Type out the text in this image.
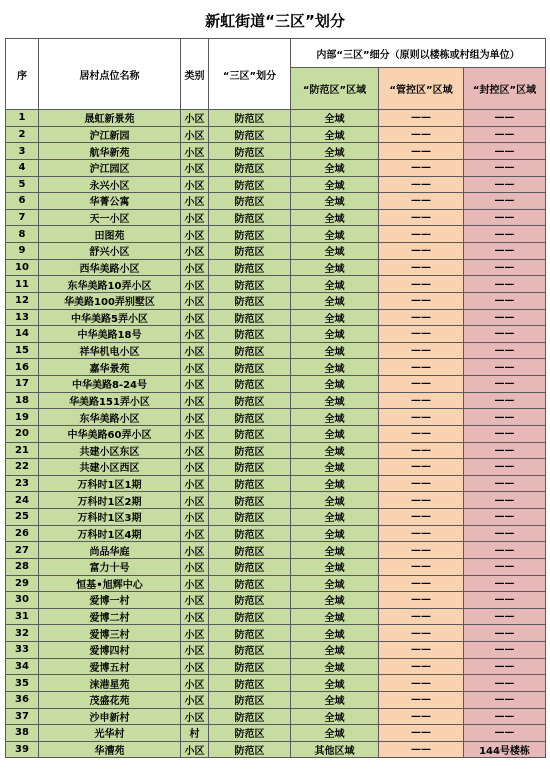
新虹街道“三区”划分
序	居村点位名称	类别	“三区”划分	内部“三区”细分（原则以楼栋或村组为单位）		
				“防范区”区域	“管控区”区域	“封控区”区域
1	晟虹新景苑	小区	防范区	全域	——	——
2	沪江新园	小区	防范区	全域	——	——
3	航华新苑	小区	防范区	全域	——	——
4	沪江园区	小区	防范区	全域	——	——
5	永兴小区	小区	防范区	全域	——	——
6	华菁公寓	小区	防范区	全域	——	——
7	天一小区	小区	防范区	全域	——	——
8	田图苑	小区	防范区	全域	——	——
9	舒兴小区	小区	防范区	全域	——	——
10	西华美路小区	小区	防范区	全域	——	——
11	东华美路10弄小区	小区	防范区	全域	——	——
12	华美路100弄别墅区	小区	防范区	全域	——	——
13	中华美路5弄小区	小区	防范区	全域	——	——
14	中华美路18号	小区	防范区	全域	——	——
15	祥华机电小区	小区	防范区	全域	——	——
16	嘉华景苑	小区	防范区	全域	——	——
17	中华美路8-24号	小区	防范区	全域	——	——
18	华美路151弄小区	小区	防范区	全域	——	——
19	东华美路小区	小区	防范区	全域	——	——
20	中华美路60弄小区	小区	防范区	全域	——	——
21	共建小区东区	小区	防范区	全域	——	——
22	共建小区西区	小区	防范区	全域	——	——
23	万科时1区1期	小区	防范区	全域	——	——
24	万科时1区2期	小区	防范区	全域	——	——
25	万科时1区3期	小区	防范区	全域	——	——
26	万科时1区4期	小区	防范区	全域	——	——
27	尚品华庭	小区	防范区	全域	——	——
28	富力十号	小区	防范区	全域	——	——
29	恒基•旭辉中心	小区	防范区	全域	——	——
30	爱博一村	小区	防范区	全域	——	——
31	爱博二村	小区	防范区	全域	——	——
32	爱博三村	小区	防范区	全域	——	——
33	爱博四村	小区	防范区	全域	——	——
34	爱博五村	小区	防范区	全域	——	——
35	涞港星苑	小区	防范区	全域	——	——
36	茂盛花苑	小区	防范区	全域	——	——
37	沙申新村	小区	防范区	全域	——	——
38	光华村	村	防范区	全域	——	——
39	华漕苑	小区	防范区	其他区域	——	144号楼栋
